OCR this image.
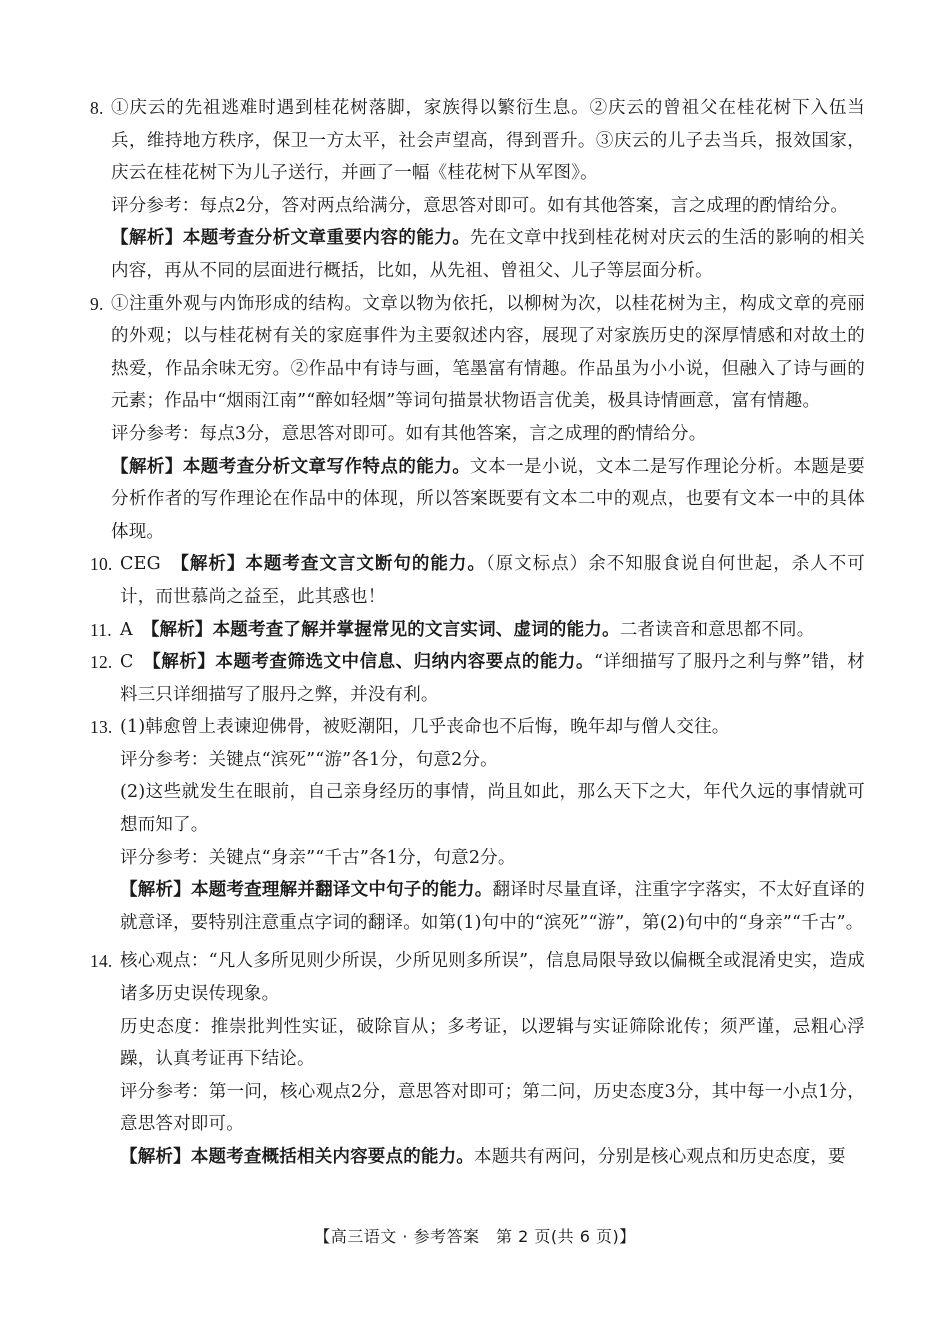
8. ①庆云的先祖逃难时遇到桂花树落脚，家族得以繁衍生息。②庆云的曾祖父在桂花树下入伍当兵，维持地方秩序，保卫一方太平，社会声望高，得到晋升。③庆云的儿子去当兵，报效国家，庆云在桂花树下为儿子送行，并画了一幅《桂花树下从军图》。

评分参考：每点2分，答对两点给满分，意思答对即可。如有其他答案，言之成理的酌情给分。

【解析】本题考查分析文章重要内容的能力。先在文章中找到桂花树对庆云的生活的影响的相关内容，再从不同的层面进行概括，比如，从先祖、曾祖父、儿子等层面分析。

9. ①注重外观与内饰形成的结构。文章以物为依托，以柳树为次，以桂花树为主，构成文章的亮丽的外观；以与桂花树有关的家庭事件为主要叙述内容，展现了对家族历史的深厚情感和对故土的热爱，作品余味无穷。②作品中有诗与画，笔墨富有情趣。作品虽为小小说，但融入了诗与画的元素；作品中“烟雨江南”“醉如轻烟”等词句描景状物语言优美，极具诗情画意，富有情趣。

评分参考：每点3分，意思答对即可。如有其他答案，言之成理的酌情给分。

【解析】本题考查分析文章写作特点的能力。文本一是小说，文本二是写作理论分析。本题是要分析作者的写作理论在作品中的体现，所以答案既要有文本二中的观点，也要有文本一中的具体体现。

10. CEG　 【解析】本题考查文言文断句的能力。（原文标点）余不知服食说自何世起，杀人不可计，而世慕尚之益至，此其惑也！

11. A　 【解析】本题考查了解并掌握常见的文言实词、虚词的能力。二者读音和意思都不同。

12. C　 【解析】本题考查筛选文中信息、归纳内容要点的能力。“详细描写了服丹之利与弊”错，材料三只详细描写了服丹之弊，并没有利。

13. (1)韩愈曾上表谏迎佛骨，被贬潮阳，几乎丧命也不后悔，晚年却与僧人交往。

评分参考：关键点“滨死”“游”各1分，句意2分。

(2)这些就发生在眼前，自己亲身经历的事情，尚且如此，那么天下之大，年代久远的事情就可想而知了。

评分参考：关键点“身亲”“千古”各1分，句意2分。

【解析】本题考查理解并翻译文中句子的能力。翻译时尽量直译，注重字字落实，不太好直译的就意译，要特别注意重点字词的翻译。如第(1)句中的“滨死”“游”，第(2)句中的“身亲”“千古”。

14. 核心观点：“凡人多所见则少所误，少所见则多所误”，信息局限导致以偏概全或混淆史实，造成诸多历史误传现象。

历史态度：推崇批判性实证，破除盲从；多考证，以逻辑与实证筛除讹传；须严谨，忌粗心浮躁，认真考证再下结论。

评分参考：第一问，核心观点2分，意思答对即可；第二问，历史态度3分，其中每一小点1分，意思答对即可。

【解析】本题考查概括相关内容要点的能力。本题共有两问，分别是核心观点和历史态度，要

【高三语文 · 参考答案　第 2 页(共 6 页)】
